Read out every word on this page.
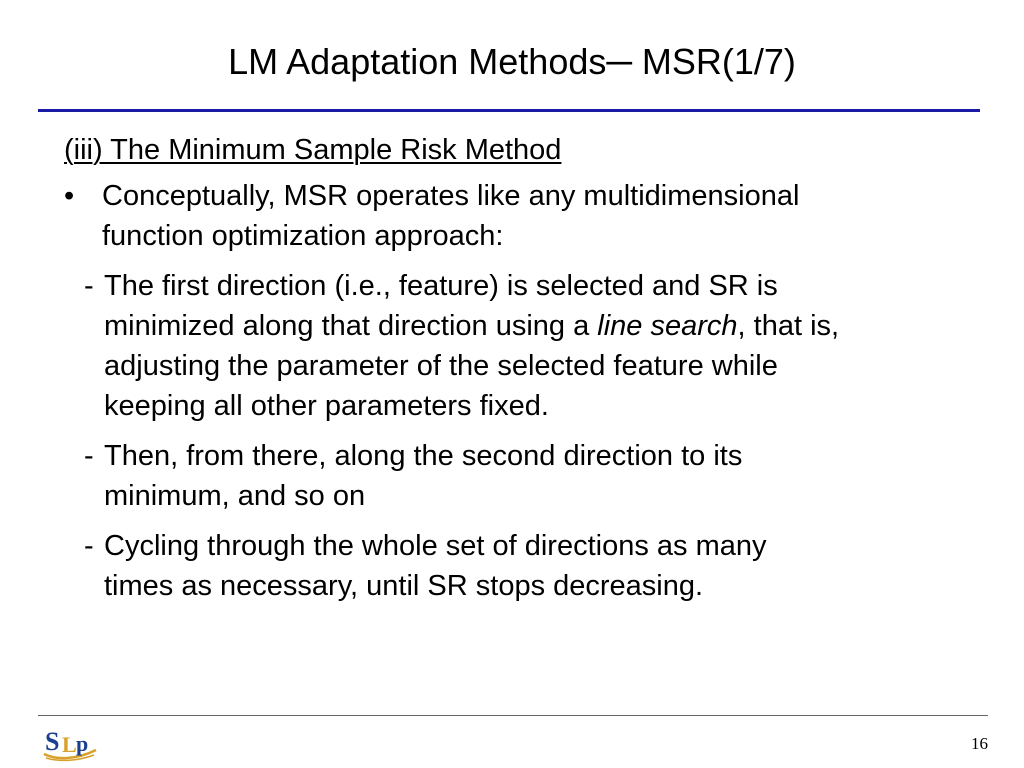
LM Adaptation Methods─ MSR(1/7)
(iii) The Minimum Sample Risk Method
• Conceptually, MSR operates like any multidimensional
function optimization approach:
- The first direction (i.e., feature) is selected and SR is
minimized along that direction using a line search, that is,
adjusting the parameter of the selected feature while
keeping all other parameters fixed.
- Then, from there, along the second direction to its
minimum, and so on
- Cycling through the whole set of directions as many
times as necessary, until SR stops decreasing.
S L p	16
